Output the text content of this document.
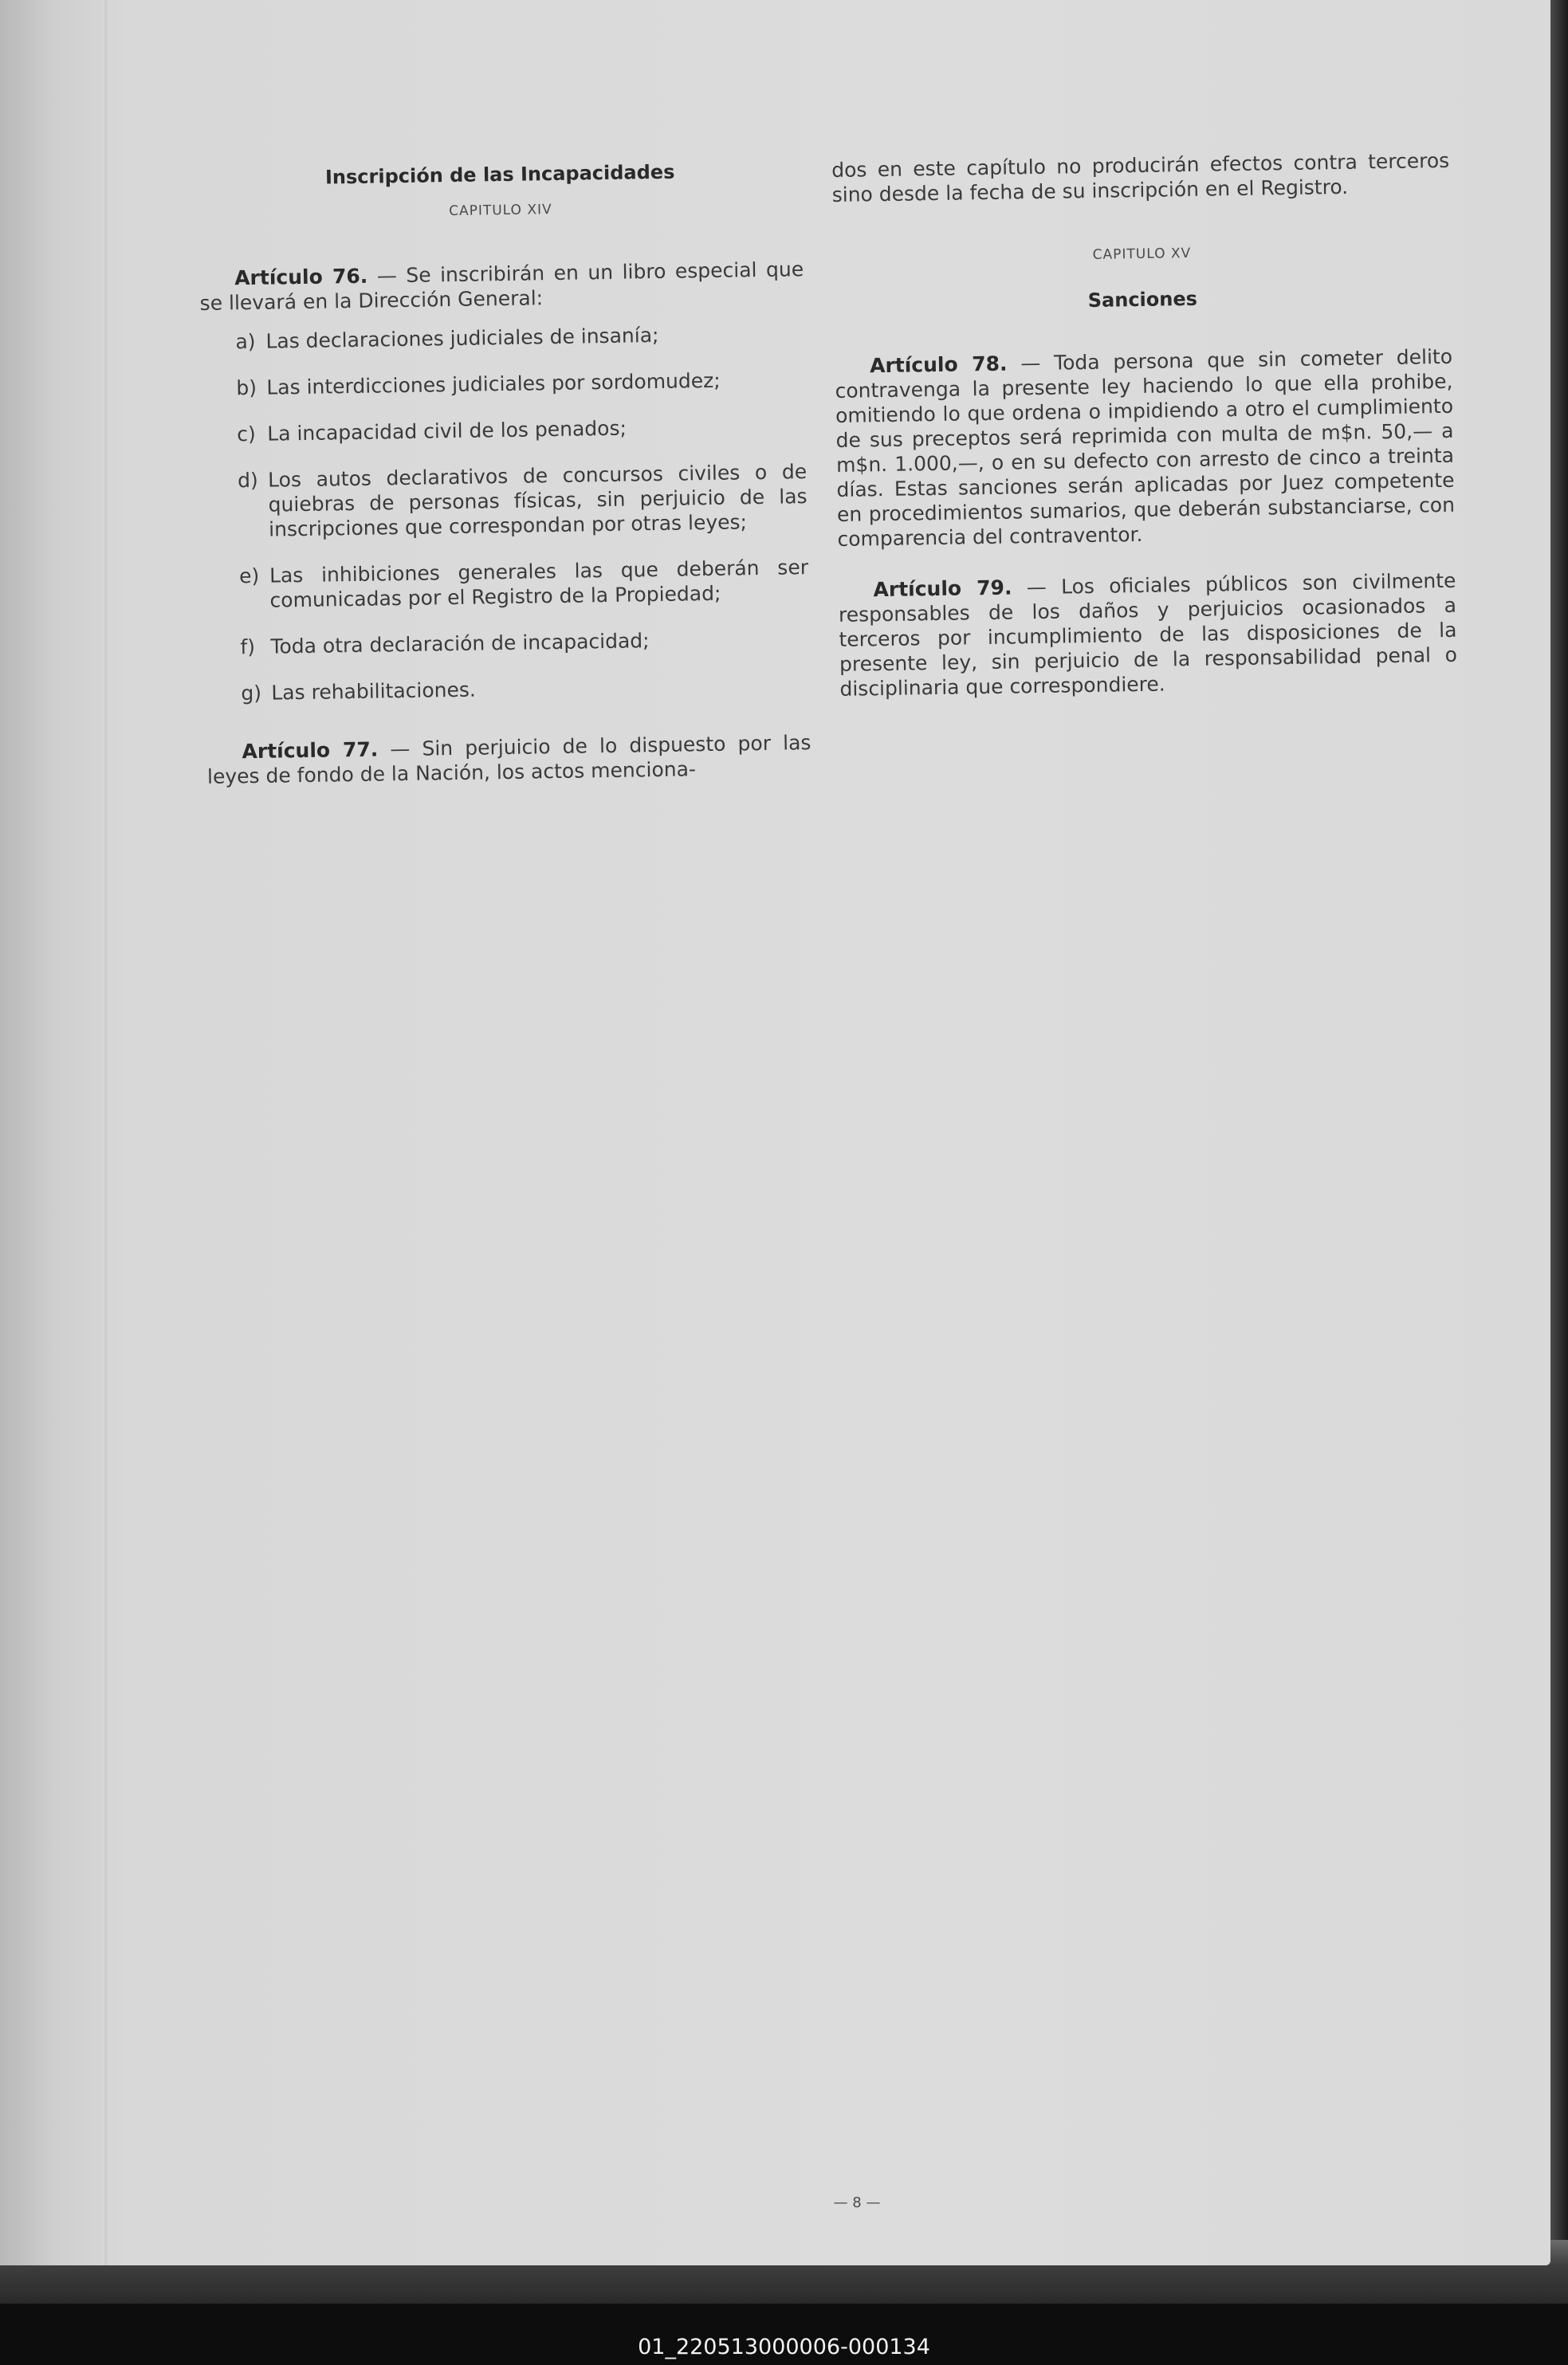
Inscripción de las Incapacidades

CAPITULO XIV

Artículo 76. — Se inscribirán en un libro especial que se llevará en la Dirección General:

a) Las declaraciones judiciales de insanía;
b) Las interdicciones judiciales por sordomudez;
c) La incapacidad civil de los penados;
d) Los autos declarativos de concursos civiles o de quiebras de personas físicas, sin perjuicio de las inscripciones que correspondan por otras leyes;
e) Las inhibiciones generales las que deberán ser comunicadas por el Registro de la Propiedad;
f) Toda otra declaración de incapacidad;
g) Las rehabilitaciones.

Artículo 77. — Sin perjuicio de lo dispuesto por las leyes de fondo de la Nación, los actos menciona-

dos en este capítulo no producirán efectos contra terceros sino desde la fecha de su inscripción en el Registro.

CAPITULO XV

Sanciones

Artículo 78. — Toda persona que sin cometer delito contravenga la presente ley haciendo lo que ella prohibe, omitiendo lo que ordena o impidiendo a otro el cumplimiento de sus preceptos será reprimida con multa de m$n. 50,— a m$n. 1.000,—, o en su defecto con arresto de cinco a treinta días. Estas sanciones serán aplicadas por Juez competente en procedimientos sumarios, que deberán substanciarse, con comparencia del contraventor.

Artículo 79. — Los oficiales públicos son civilmente responsables de los daños y perjuicios ocasionados a terceros por incumplimiento de las disposiciones de la presente ley, sin perjuicio de la responsabilidad penal o disciplinaria que correspondiere.

— 8 —
01_220513000006-000134
